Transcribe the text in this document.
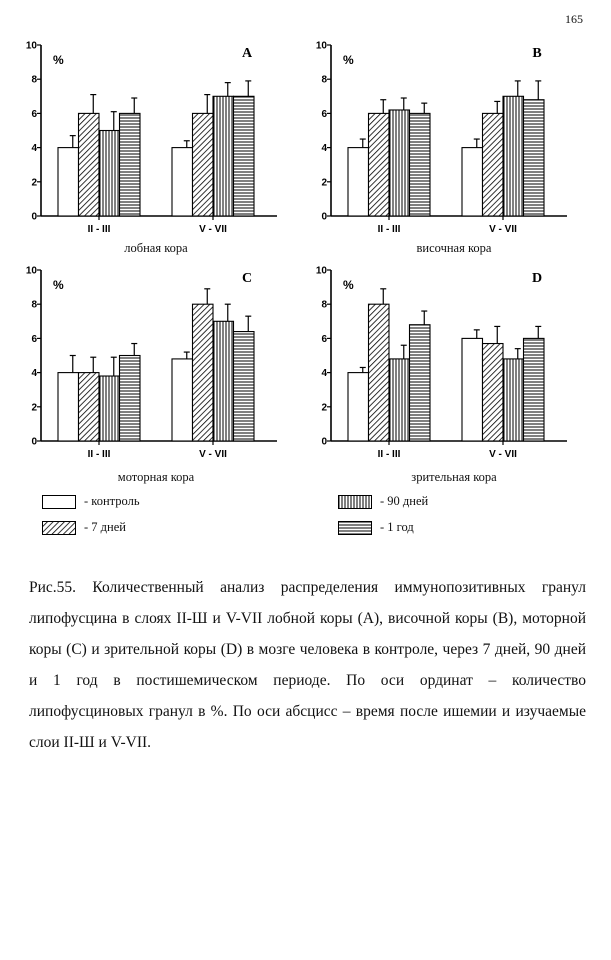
165
0
2
4
6
8
10
%	A
II - III	V - VII
0
2
4
6
8
10
%	B
II - III	V - VII
0
2
4
6
8
10
%	C
II - III	V - VII
0
2
4
6
8
10
%	D
II - III	V - VII
лобная кора	височная кора
моторная кора	зрительная кора
- контроль
- 7 дней
- 90 дней
- 1 год
Рис.55. Количественный анализ распределения иммунопозитивных гранул липофусцина в слоях II-Ш и V-VII лобной коры (A), височной коры (B), моторной коры (C) и зрительной коры (D) в мозге человека в контроле, через 7 дней, 90 дней и 1 год в постишемическом периоде. По оси ординат – количество липофусциновых гранул в %. По оси абсцисс – время после ишемии и изучаемые слои II-Ш и V-VII.
